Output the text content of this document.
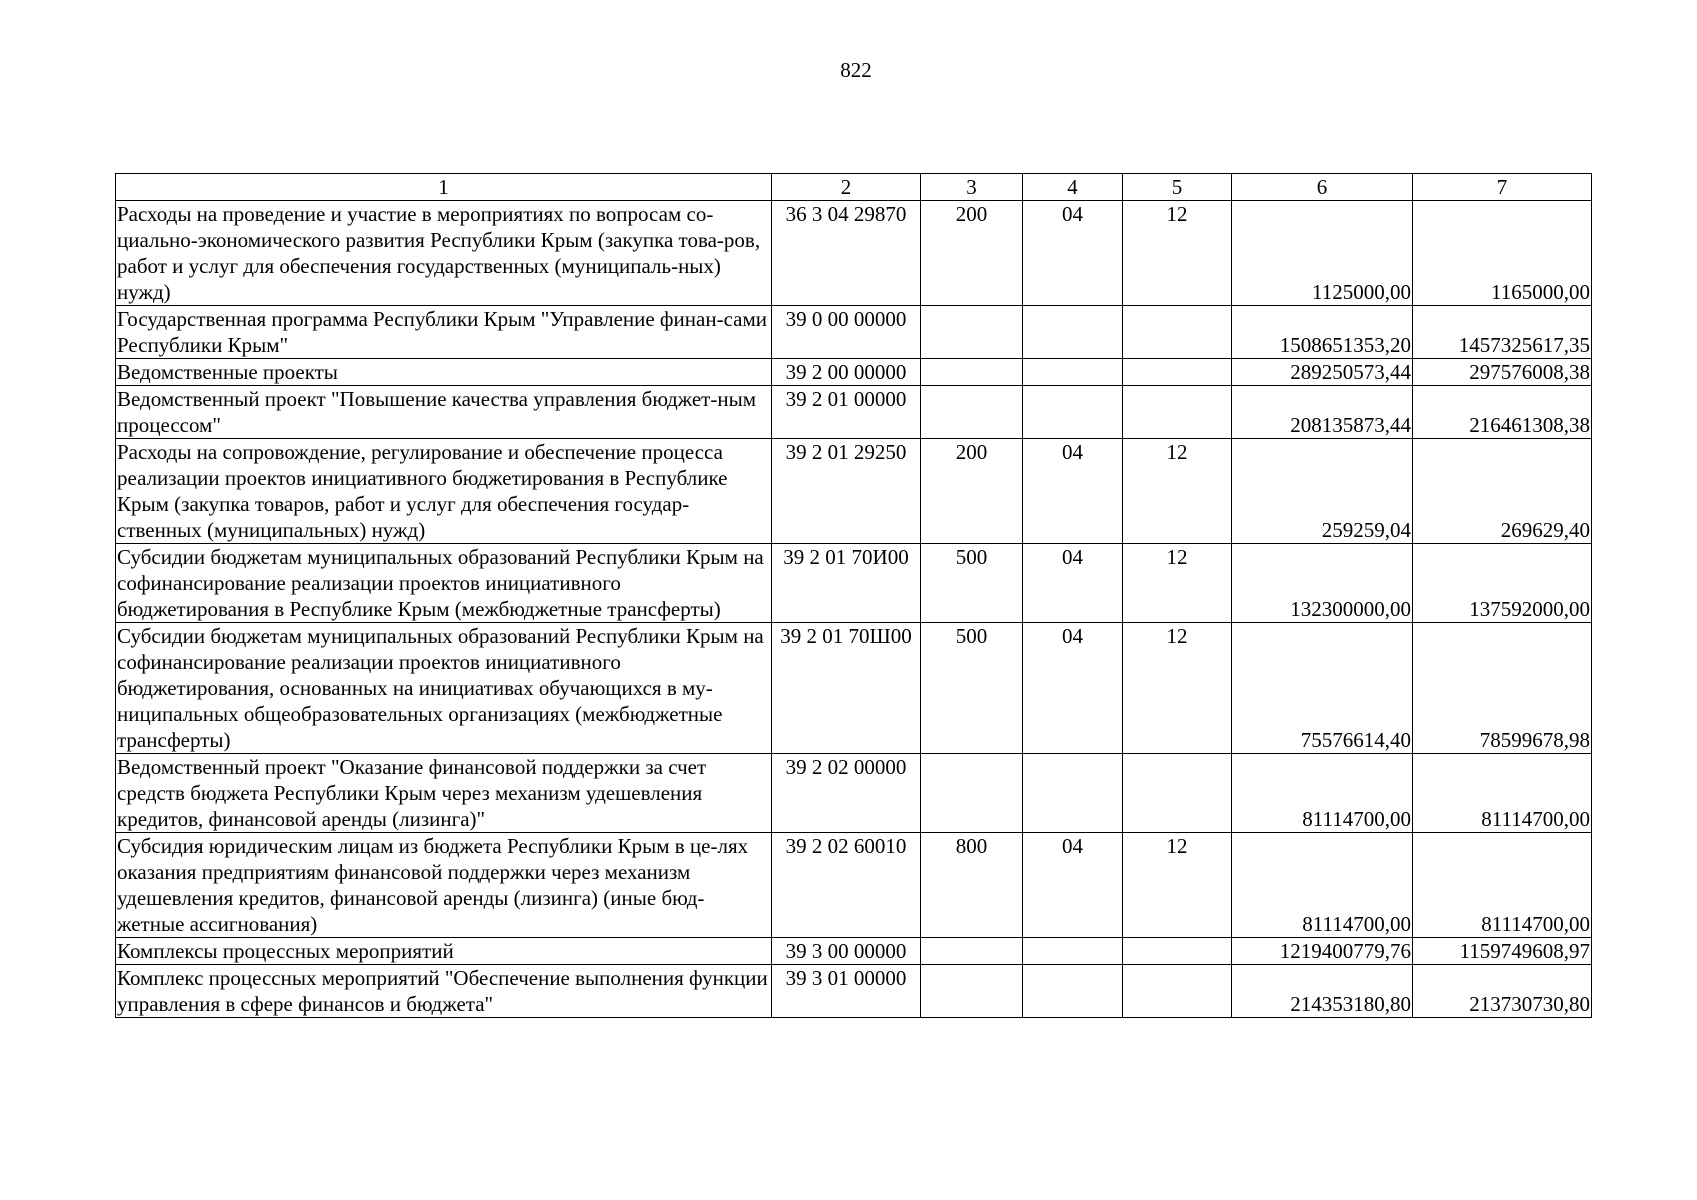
822
1	2	3	4	5	6	7
Расходы на проведение и участие в мероприятиях по вопросам со-циально-экономического развития Республики Крым (закупка това-ров, работ и услуг для обеспечения государственных (муниципаль-ных) нужд)	36 3 04 29870	200	04	12	1125000,00	1165000,00
Государственная программа Республики Крым "Управление финан-сами Республики Крым"	39 0 00 00000				1508651353,20	1457325617,35
Ведомственные проекты	39 2 00 00000				289250573,44	297576008,38
Ведомственный проект "Повышение качества управления бюджет-ным процессом"	39 2 01 00000				208135873,44	216461308,38
Расходы на сопровождение, регулирование и обеспечение процесса реализации проектов инициативного бюджетирования в Республике Крым (закупка товаров, работ и услуг для обеспечения государ-ственных (муниципальных) нужд)	39 2 01 29250	200	04	12	259259,04	269629,40
Субсидии бюджетам муниципальных образований Республики Крым на софинансирование реализации проектов инициативного бюджетирования в Республике Крым (межбюджетные трансферты)	39 2 01 70И00	500	04	12	132300000,00	137592000,00
Субсидии бюджетам муниципальных образований Республики Крым на софинансирование реализации проектов инициативного бюджетирования, основанных на инициативах обучающихся в му-ниципальных общеобразовательных организациях (межбюджетные трансферты)	39 2 01 70Ш00	500	04	12	75576614,40	78599678,98
Ведомственный проект "Оказание финансовой поддержки за счет средств бюджета Республики Крым через механизм удешевления кредитов, финансовой аренды (лизинга)"	39 2 02 00000				81114700,00	81114700,00
Субсидия юридическим лицам из бюджета Республики Крым в це-лях оказания предприятиям финансовой поддержки через механизм удешевления кредитов, финансовой аренды (лизинга) (иные бюд-жетные ассигнования)	39 2 02 60010	800	04	12	81114700,00	81114700,00
Комплексы процессных мероприятий	39 3 00 00000				1219400779,76	1159749608,97
Комплекс процессных мероприятий "Обеспечение выполнения функции управления в сфере финансов и бюджета"	39 3 01 00000				214353180,80	213730730,80
